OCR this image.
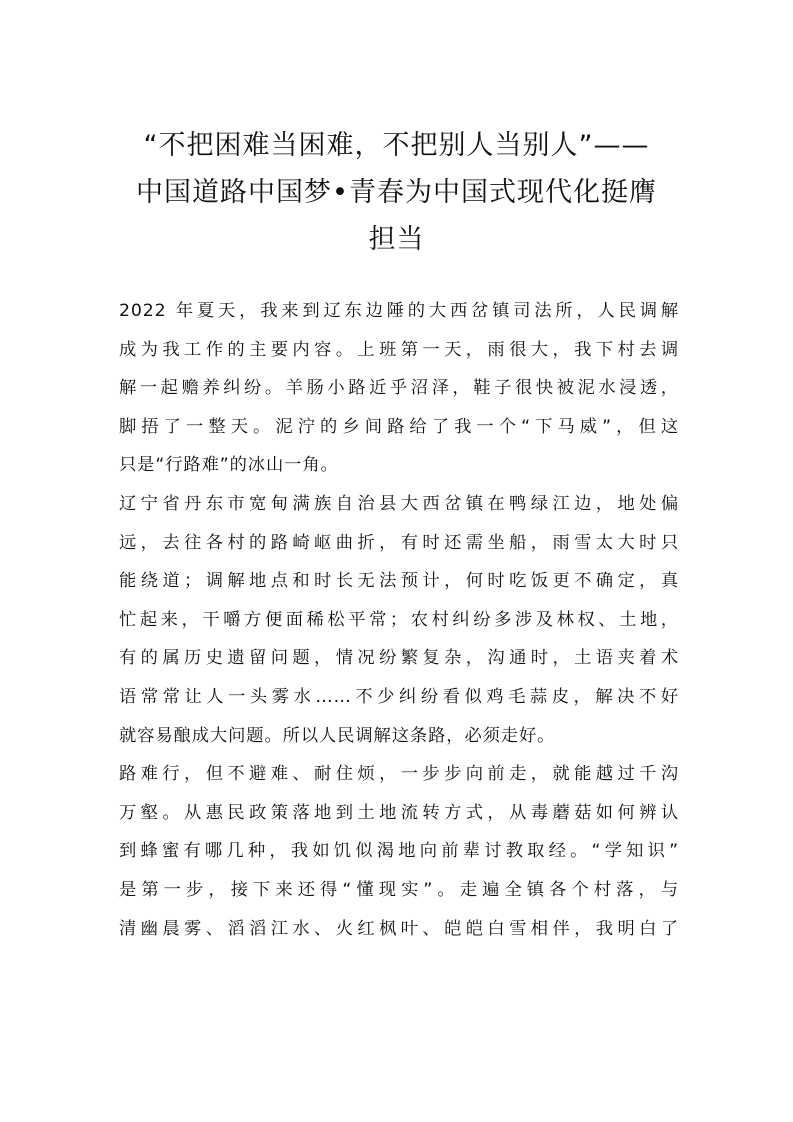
“不把困难当困难，不把别人当别人”——
中国道路中国梦•青春为中国式现代化挺膺
担当
2022 年夏天，我来到辽东边陲的大西岔镇司法所，人民调解
成为我工作的主要内容。上班第一天，雨很大，我下村去调
解一起赡养纠纷。羊肠小路近乎沼泽，鞋子很快被泥水浸透，
脚捂了一整天。泥泞的乡间路给了我一个“下马威”，但这
只是“行路难”的冰山一角。
辽宁省丹东市宽甸满族自治县大西岔镇在鸭绿江边，地处偏
远，去往各村的路崎岖曲折，有时还需坐船，雨雪太大时只
能绕道；调解地点和时长无法预计，何时吃饭更不确定，真
忙起来，干嚼方便面稀松平常；农村纠纷多涉及林权、土地，
有的属历史遗留问题，情况纷繁复杂，沟通时，土语夹着术
语常常让人一头雾水……不少纠纷看似鸡毛蒜皮，解决不好
就容易酿成大问题。所以人民调解这条路，必须走好。
路难行，但不避难、耐住烦，一步步向前走，就能越过千沟
万壑。从惠民政策落地到土地流转方式，从毒蘑菇如何辨认
到蜂蜜有哪几种，我如饥似渴地向前辈讨教取经。“学知识”
是第一步，接下来还得“懂现实”。走遍全镇各个村落，与
清幽晨雾、滔滔江水、火红枫叶、皑皑白雪相伴，我明白了
